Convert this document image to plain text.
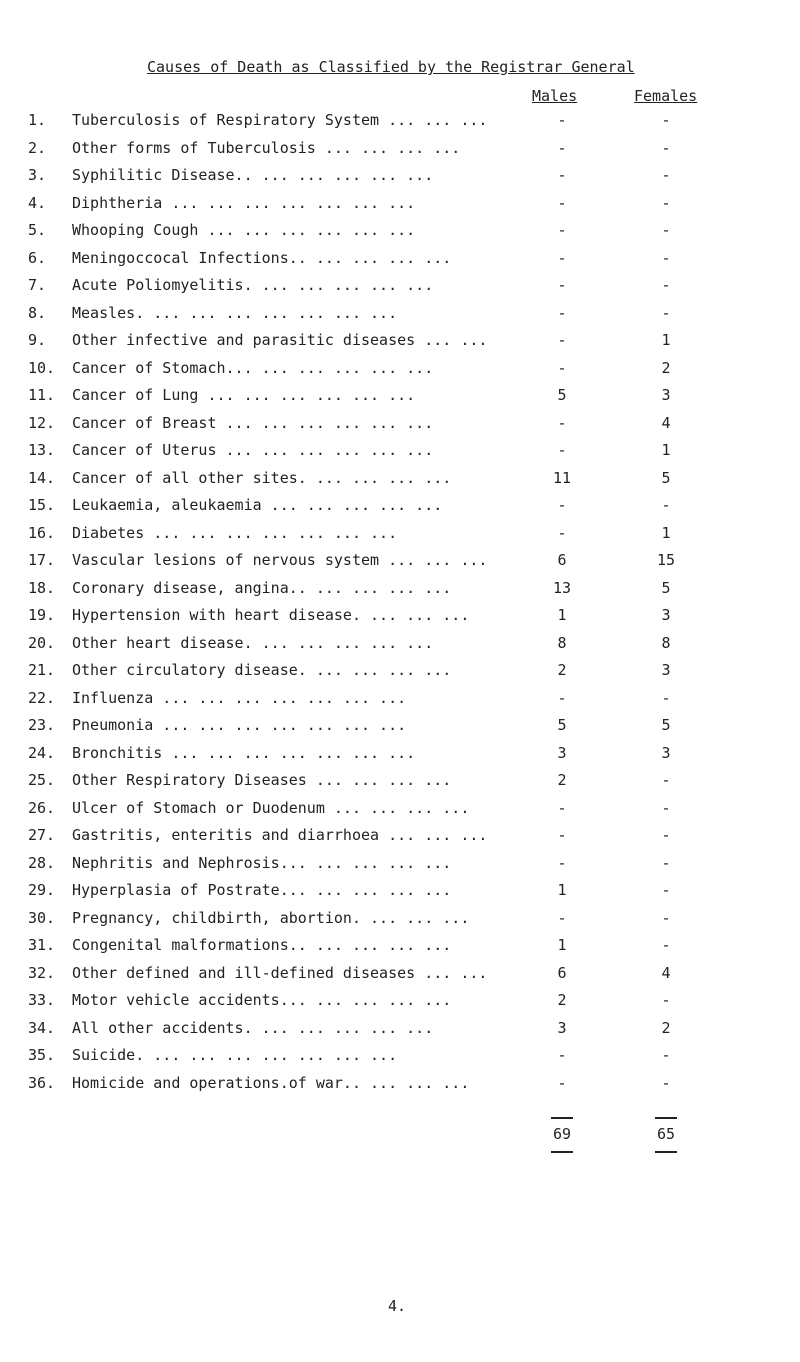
Causes of Death as Classified by the Registrar General
Males	Females
1. Tuberculosis of Respiratory System ... ... ...	-	-
2. Other forms of Tuberculosis ... ... ... ...	-	-
3. Syphilitic Disease.. ... ... ... ... ...	-	-
4. Diphtheria ... ... ... ... ... ... ...	-	-
5. Whooping Cough ... ... ... ... ... ...	-	-
6. Meningoccocal Infections.. ... ... ... ...	-	-
7. Acute Poliomyelitis. ... ... ... ... ...	-	-
8. Measles. ... ... ... ... ... ... ...	-	-
9. Other infective and parasitic diseases ... ...	-	1
10. Cancer of Stomach... ... ... ... ... ...	-	2
11. Cancer of Lung ... ... ... ... ... ...	5	3
12. Cancer of Breast ... ... ... ... ... ...	-	4
13. Cancer of Uterus ... ... ... ... ... ...	-	1
14. Cancer of all other sites. ... ... ... ...	11	5
15. Leukaemia, aleukaemia ... ... ... ... ...	-	-
16. Diabetes ... ... ... ... ... ... ...	-	1
17. Vascular lesions of nervous system ... ... ...	6	15
18. Coronary disease, angina.. ... ... ... ...	13	5
19. Hypertension with heart disease. ... ... ...	1	3
20. Other heart disease. ... ... ... ... ...	8	8
21. Other circulatory disease. ... ... ... ...	2	3
22. Influenza ... ... ... ... ... ... ...	-	-
23. Pneumonia ... ... ... ... ... ... ...	5	5
24. Bronchitis ... ... ... ... ... ... ...	3	3
25. Other Respiratory Diseases ... ... ... ...	2	-
26. Ulcer of Stomach or Duodenum ... ... ... ...	-	-
27. Gastritis, enteritis and diarrhoea ... ... ...	-	-
28. Nephritis and Nephrosis... ... ... ... ...	-	-
29. Hyperplasia of Postrate... ... ... ... ...	1	-
30. Pregnancy, childbirth, abortion. ... ... ...	-	-
31. Congenital malformations.. ... ... ... ...	1	-
32. Other defined and ill-defined diseases ... ...	6	4
33. Motor vehicle accidents... ... ... ... ...	2	-
34. All other accidents. ... ... ... ... ...	3	2
35. Suicide. ... ... ... ... ... ... ...	-	-
36. Homicide and operations.of war.. ... ... ...	-	-
69	65
4.
